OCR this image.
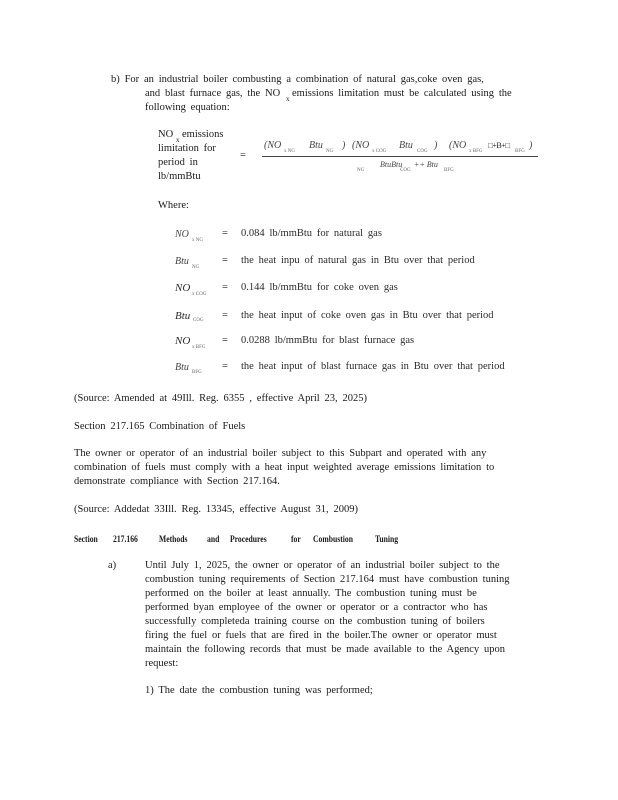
b) For an industrial boiler combusting a combination of natural gas,coke oven gas,
and blast furnace gas, the NO x emissions limitation must be calculated using the
following equation:
NO x emissions
limitation for
period in
lb/mmBtu
=
(NO
x NG
Btu
NG
) (NO
x COG
Btu
COG
) (NO
x BFG
□+B+□
BFG
)
NG
BtuBtu
COG
++ Btu
BFG
Where:
NO
x NG
= 0.084 lb/mmBtu for natural gas
Btu
NG
= the heat inpu of natural gas in Btu over that period
NO
x COG
= 0.144 lb/mmBtu for coke oven gas
Btu COG = the heat input of coke oven gas in Btu over that period
NO
x BFG
= 0.0288 lb/mmBtu for blast furnace gas
Btu BFG
= the heat input of blast furnace gas in Btu over that period
(Source: Amended at 49Ill. Reg. 6355 , effective April 23, 2025)
Section 217.165 Combination of Fuels
The owner or operator of an industrial boiler subject to this Subpart and operated with any
combination of fuels must comply with a heat input weighted average emissions limitation to
demonstrate compliance with Section 217.164.
(Source: Addedat 33Ill. Reg. 13345, effective August 31, 2009)
Section 217.166 Methods and Procedures	for Combustion Tuning
a)	Until July 1, 2025, the owner or operator of an industrial boiler subject to the
combustion tuning requirements of Section 217.164 must have combustion tuning
performed on the boiler at least annually. The combustion tuning must be
performed byan employee of the owner or operator or a contractor who has
successfully completeda training course on the combustion tuning of boilers
firing the fuel or fuels that are fired in the boiler.The owner or operator must
maintain the following records that must be made available to the Agency upon
request:
1) The date the combustion tuning was performed;
